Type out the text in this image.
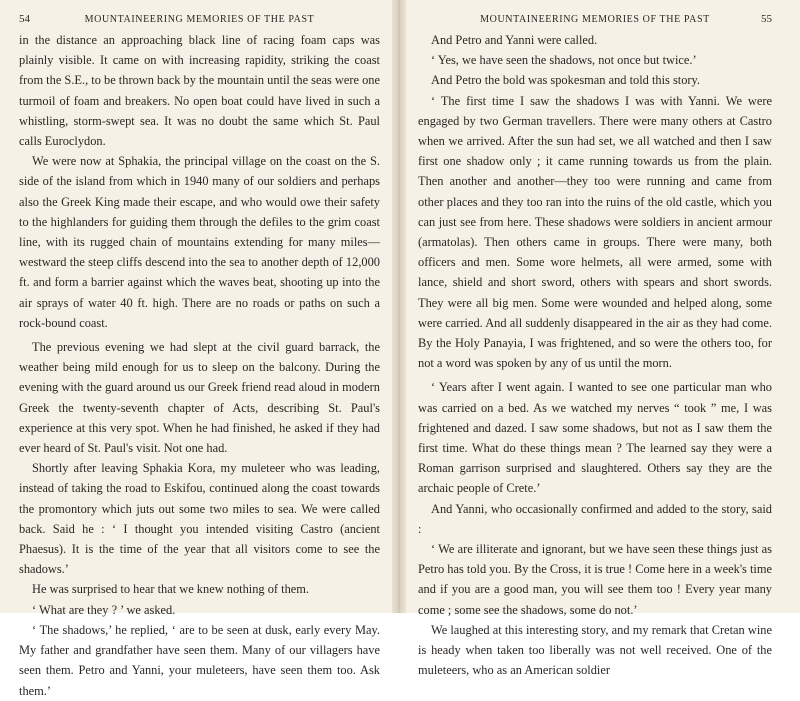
54	MOUNTAINEERING MEMORIES OF THE PAST

in the distance an approaching black line of racing foam caps was plainly visible. It came on with increasing rapidity, striking the coast from the S.E., to be thrown back by the mountain until the seas were one turmoil of foam and breakers. No open boat could have lived in such a whistling, storm-swept sea. It was no doubt the same which St. Paul calls Euroclydon.

We were now at Sphakia, the principal village on the coast on the S. side of the island from which in 1940 many of our soldiers and perhaps also the Greek King made their escape, and who would owe their safety to the highlanders for guiding them through the defiles to the grim coast line, with its rugged chain of mountains extending for many miles—westward the steep cliffs descend into the sea to another depth of 12,000 ft. and form a barrier against which the waves beat, shooting up into the air sprays of water 40 ft. high. There are no roads or paths on such a rock-bound coast.

The previous evening we had slept at the civil guard barrack, the weather being mild enough for us to sleep on the balcony. During the evening with the guard around us our Greek friend read aloud in modern Greek the twenty-seventh chapter of Acts, describing St. Paul's experience at this very spot. When he had finished, he asked if they had ever heard of St. Paul's visit. Not one had.

Shortly after leaving Sphakia Kora, my muleteer who was leading, instead of taking the road to Eskifou, continued along the coast towards the promontory which juts out some two miles to sea. We were called back. Said he : ‘ I thought you intended visiting Castro (ancient Phaesus). It is the time of the year that all visitors come to see the shadows.’

He was surprised to hear that we knew nothing of them.

‘ What are they ? ’ we asked.

‘ The shadows,’ he replied, ‘ are to be seen at dusk, early every May. My father and grandfather have seen them. Many of our villagers have seen them. Petro and Yanni, your muleteers, have seen them too. Ask them.’

MOUNTAINEERING MEMORIES OF THE PAST	55

And Petro and Yanni were called.

‘ Yes, we have seen the shadows, not once but twice.’

And Petro the bold was spokesman and told this story.

‘ The first time I saw the shadows I was with Yanni. We were engaged by two German travellers. There were many others at Castro when we arrived. After the sun had set, we all watched and then I saw first one shadow only ; it came running towards us from the plain. Then another and another—they too were running and came from other places and they too ran into the ruins of the old castle, which you can just see from here. These shadows were soldiers in ancient armour (armatolas). Then others came in groups. There were many, both officers and men. Some wore helmets, all were armed, some with lance, shield and short sword, others with spears and short swords. They were all big men. Some were wounded and helped along, some were carried. And all suddenly disappeared in the air as they had come. By the Holy Panayia, I was frightened, and so were the others too, for not a word was spoken by any of us until the morn.

‘ Years after I went again. I wanted to see one particular man who was carried on a bed. As we watched my nerves “ took ” me, I was frightened and dazed. I saw some shadows, but not as I saw them the first time. What do these things mean ? The learned say they were a Roman garrison surprised and slaughtered. Others say they are the archaic people of Crete.’

And Yanni, who occasionally confirmed and added to the story, said :

‘ We are illiterate and ignorant, but we have seen these things just as Petro has told you. By the Cross, it is true ! Come here in a week's time and if you are a good man, you will see them too ! Every year many come ; some see the shadows, some do not.’

We laughed at this interesting story, and my remark that Cretan wine is heady when taken too liberally was not well received. One of the muleteers, who as an American soldier
